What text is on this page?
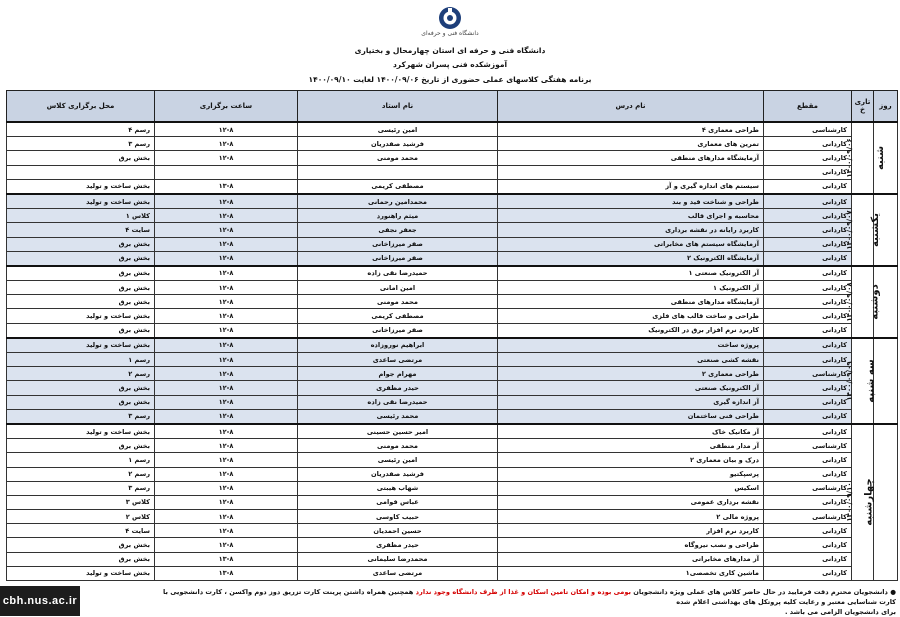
دانشگاه فنی و حرفه‌ای
دانشگاه فنی و حرفه ای استان چهارمحال و بختیاری
آموزشکده فنی پسران شهرکرد
برنامه هفتگی کلاسهای عملی حضوری از تاریخ ۱۴۰۰/۰۹/۰۶ لغایت ۱۴۰۰/۰۹/۱۰
روز	تاری خ	مقطع	نام درس	نام استاد	ساعت برگزاری	محل برگزاری کلاس
شنبه	۱۴۰۰/۰۹/۰۶	کارشناسی	طراحی معماری ۴	امین رئیسی	۱۲-۸	رسم ۴
		کاردانی	تمرین های معماری	فرشید صفدریان	۱۲-۸	رسم ۳
		کاردانی	آزمایشگاه مدارهای منطقی	محمد مومنی	۱۲-۸	بخش برق
		کاردانی				
		کاردانی	سیستم های اندازه گیری و آز	مصطفی کریمی	۱۳-۸	بخش ساخت و تولید
یکشنبه	۱۴۰۰/۰۹/۰۷	کاردانی	طراحی و شناخت قید و بند	محمدامین رحمانی	۱۲-۸	بخش ساخت و تولید
		کاردانی	محاسبه و اجرای قالب	میثم راهنورد	۱۲-۸	کلاس ۱
		کاردانی	کاربرد رایانه در نقشه برداری	جعفر نجفی	۱۲-۸	سایت ۴
		کاردانی	آزمایشگاه سیستم های مخابراتی	صفر میرزاخانی	۱۲-۸	بخش برق
		کاردانی	آزمایشگاه الکترونیک ۲	صفر میرزاخانی	۱۲-۸	بخش برق
دوشنبه	۱۴۰۰/۰۹/۰۸	کاردانی	آز الکترونیک صنعتی ۱	حمیدرضا نقی زاده	۱۲-۸	بخش برق
		کاردانی	آز الکترونیک ۱	امین امانی	۱۲-۸	بخش برق
		کاردانی	آزمایشگاه مدارهای منطقی	محمد مومنی	۱۲-۸	بخش برق
		کاردانی	طراحی و ساخت قالب های فلزی	مصطفی کریمی	۱۲-۸	بخش ساخت و تولید
		کاردانی	کاربرد نرم افزار برق در الکترونیک	صفر میرزاخانی	۱۲-۸	بخش برق
سه شنبه	۱۴۰۰/۰۹/۰۹	کاردانی	پروژه ساخت	ابراهیم نوروزاده	۱۲-۸	بخش ساخت و تولید
		کاردانی	نقشه کشی صنعتی	مرتضی ساعدی	۱۲-۸	رسم ۱
		کارشناسی	طراحی معماری ۲	مهرام جوام	۱۲-۸	رسم ۲
		کاردانی	آز الکترونیک صنعتی	حیدر مظفری	۱۲-۸	بخش برق
		کاردانی	آز اندازه گیری	حمیدرضا نقی زاده	۱۲-۸	بخش برق
		کاردانی	طراحی فنی ساختمان	محمد رئیسی	۱۲-۸	رسم ۳
چهارشنبه	۱۴۰۰/۰۹/۱۰	کاردانی	آز مکانیک خاک	امیر حسین حسینی	۱۲-۸	بخش ساخت و تولید
		کارشناسی	آز مدار منطقی	محمد مومنی	۱۲-۸	بخش برق
		کاردانی	درک و بیان معماری ۲	امین رئیسی	۱۲-۸	رسم ۱
		کاردانی	پرسپکتیو	فرشید صفدریان	۱۲-۸	رسم ۲
		کارشناسی	اسکیس	شهاب هیبتی	۱۲-۸	رسم ۳
		کاردانی	نقشه برداری عمومی	عباس قوامی	۱۲-۸	کلاس ۳
		کارشناسی	پروژه مالی ۲	حبیب کاوسی	۱۲-۸	کلاس ۲
		کاردانی	کاربرد نرم افزار	حسین احمدیان	۱۲-۸	سایت ۴
		کاردانی	طراحی و نصب نیروگاه	حیدر مظفری	۱۲-۸	بخش برق
		کاردانی	آز مدارهای مخابراتی	محمدرضا سلیمانی	۱۳-۸	بخش برق
		کاردانی	ماشین کاری تخصصی۱	مرتضی ساعدی	۱۳-۸	بخش ساخت و تولید
● دانشجویان محترم دقت فرمایید در حال حاضر کلاس های عملی ویژه دانشجویان بومی بوده و امکان تامین اسکان و غذا از طرف دانشگاه وجود ندارد همچنین همراه داشتن پرینت کارت تزریق دوز دوم واکسن ، کارت دانشجویی با کارت شناسایی معتبر و رعایت کلیه پروتکل های بهداشتی اعلام شده
برای دانشجویان الزامی می باشد .
cbh.nus.ac.ir
